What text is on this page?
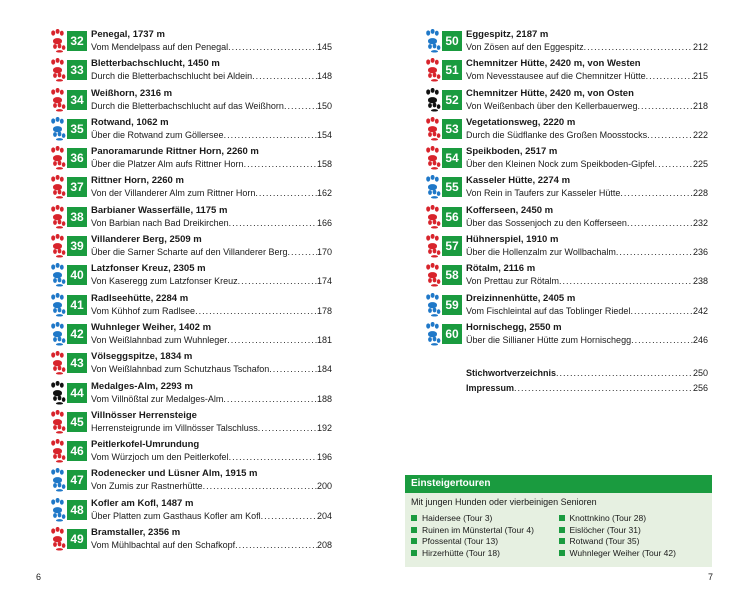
32 Penegal, 1737 m
Vom Mendelpass auf den Penegal .....	145
33 Bletterbachschlucht, 1450 m
Durch die Bletterbachschlucht bei Aldein .....	148
34 Weißhorn, 2316 m
Durch die Bletterbachschlucht auf das Weißhorn .....	150
35 Rotwand, 1062 m
Über die Rotwand zum Göllersee .....	154
36 Panoramarunde Rittner Horn, 2260 m
Über die Platzer Alm aufs Rittner Horn .....	158
37 Rittner Horn, 2260 m
Von der Villanderer Alm zum Rittner Horn .....	162
38 Barbianer Wasserfälle, 1175 m
Von Barbian nach Bad Dreikirchen .....	166
39 Villanderer Berg, 2509 m
Über die Sarner Scharte auf den Villanderer Berg .....	170
40 Latzfonser Kreuz, 2305 m
Von Kaseregg zum Latzfonser Kreuz .....	174
41 Radlseehütte, 2284 m
Vom Kühhof zum Radlsee .....	178
42 Wuhnleger Weiher, 1402 m
Von Weißlahnbad zum Wuhnleger .....	181
43 Völseggspitze, 1834 m
Von Weißlahnbad zum Schutzhaus Tschafon .....	184
44 Medalges-Alm, 2293 m
Vom Villnößtal zur Medalges-Alm .....	188
45 Villnösser Herrensteige
Herrensteigrunde im Villnösser Talschluss .....	192
46 Peitlerkofel-Umrundung
Vom Würzjoch um den Peitlerkofel .....	196
47 Rodenecker und Lüsner Alm, 1915 m
Von Zumis zur Rastnerhütte .....	200
48 Kofler am Kofl, 1487 m
Über Platten zum Gasthaus Kofler am Kofl .....	204
49 Bramstaller, 2356 m
Vom Mühlbachtal auf den Schafkopf .....	208
6
50 Eggespitz, 2187 m
Von Zösen auf den Eggespitz .....	212
51 Chemnitzer Hütte, 2420 m, von Westen
Vom Nevesstausee auf die Chemnitzer Hütte .....	215
52 Chemnitzer Hütte, 2420 m, von Osten
Von Weißenbach über den Kellerbauerweg .....	218
53 Vegetationsweg, 2220 m
Durch die Südflanke des Großen Moosstocks .....	222
54 Speikboden, 2517 m
Über den Kleinen Nock zum Speikboden-Gipfel .....	225
55 Kasseler Hütte, 2274 m
Von Rein in Taufers zur Kasseler Hütte .....	228
56 Kofferseen, 2450 m
Über das Sossenjoch zu den Kofferseen .....	232
57 Hühnerspiel, 1910 m
Über die Hollenzalm zur Wollbachalm .....	236
58 Rötalm, 2116 m
Von Prettau zur Rötalm .....	238
59 Dreizinnenhütte, 2405 m
Vom Fischleintal auf das Toblinger Riedel .....	242
60 Hornischegg, 2550 m
Über die Sillianer Hütte zum Hornischegg .....	246
Stichwortverzeichnis .....	250
Impressum .....	256
Einsteigertouren
Mit jungen Hunden oder vierbeinigen Senioren
Haidersee (Tour 3)
Ruinen im Münstertal (Tour 4)
Pfossental (Tour 13)
Hirzerhütte (Tour 18)
Knottnkino (Tour 28)
Eislöcher (Tour 31)
Rotwand (Tour 35)
Wuhnleger Weiher (Tour 42)
7
